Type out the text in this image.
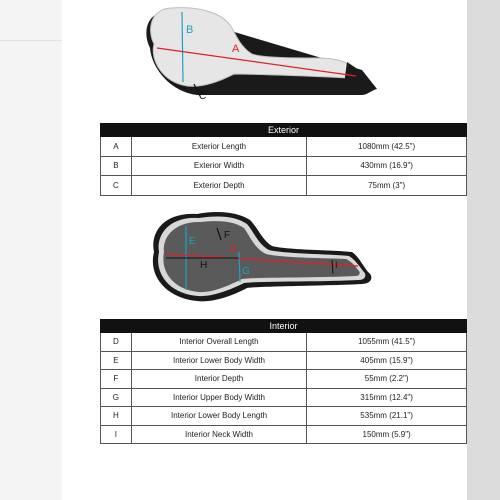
B
A
C
Exterior		
A	Exterior Length	1080mm (42.5")
B	Exterior Width	430mm (16.9")
C	Exterior Depth	75mm (3")
E
F
D
H
G
I
Interior		
D	Interior Overall Length	1055mm (41.5")
E	Interior Lower Body Width	405mm (15.9")
F	Interior Depth	55mm (2.2")
G	Interior Upper Body Width	315mm (12.4")
H	Interior Lower Body Length	535mm (21.1")
I	Interior Neck Width	150mm (5.9")
